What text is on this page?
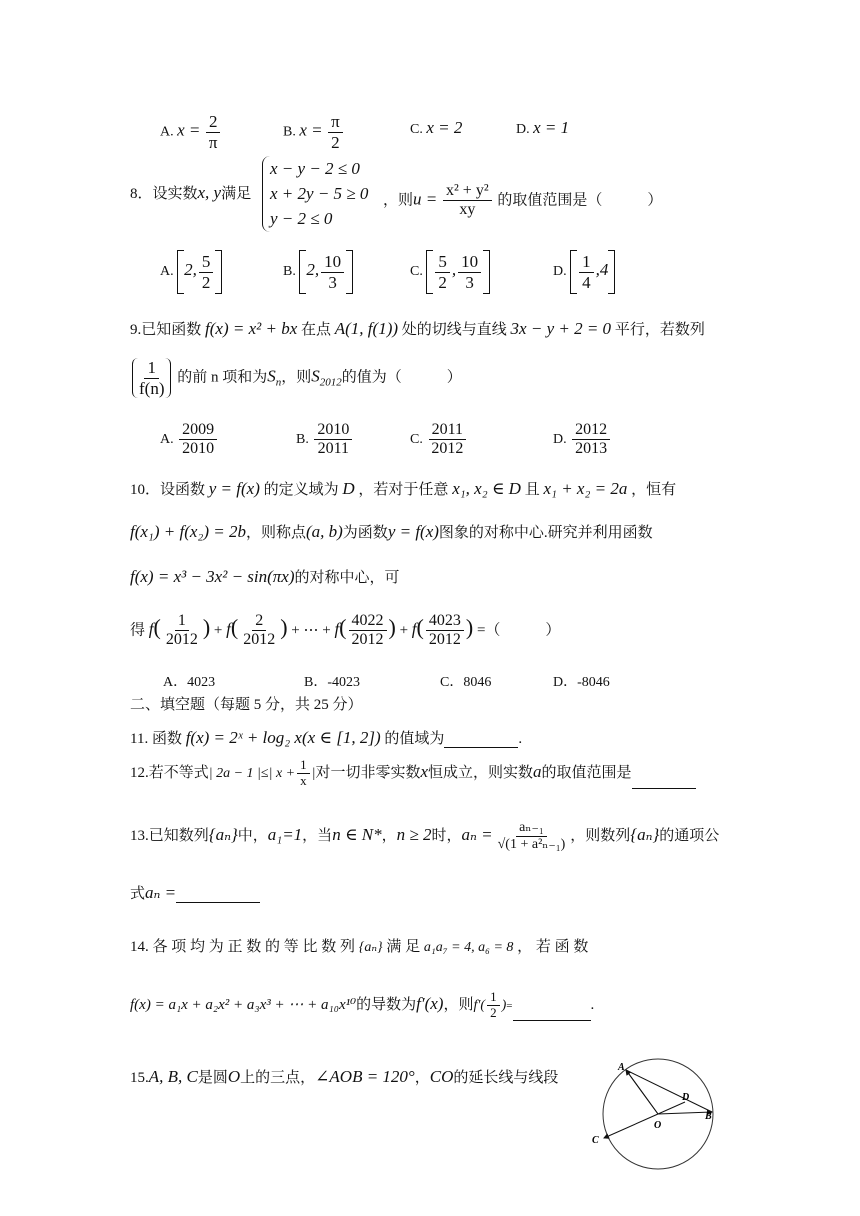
A. $x = \frac{2}{\pi}$	B. $x = \frac{\pi}{2}$	C. x = 2	D. x = 1
8．设实数x, y满足
x − y − 2 ≤ 0
x + 2y − 5 ≥ 0
y − 2 ≤ 0
，则$u = \frac{\text{x² + y²}}{xy}$ 的取值范围是（　　　）
A. 2, $\frac{5}{2}$	B. 2, $\frac{10}{3}$	C. $\frac{5}{2}$ , $\frac{10}{3}$	D. $\frac{1}{4} ,4$
9.已知函数 f(x) = x² + bx 在点 A(1, f(1)) 处的切线与直线 3x − y + 2 = 0 平行，若数列
$\frac{1}{f(n)}$ 的前 n 项和为$S_n$，则$S_{2012}$的值为（　　　）
A. $\frac{2009}{2010}$	B. $\frac{2010}{2011}$	C. $\frac{2011}{2012}$	D. $\frac{2012}{2013}$
10．设函数 y = f(x) 的定义域为 D ，若对于任意 x₁, x₂ ∈ D 且 x₁ + x₂ = 2a ，恒有
f(x₁) + f(x₂) = 2b，则称点(a, b)为函数y = f(x)图象的对称中心.研究并利用函数
f(x) = x³ − 3x² − sin(πx)的对称中心，可
得 $f( \frac{1}{2012}$ ) + $f( \frac{2}{2012}$ ) + ⋯ + $f( \frac{4022}{2012}$ ) + $f( \frac{4023}{2012}$ ) =（　　　）
A．4023	B．-4023	C．8046	D．-8046
二、填空题（每题 5 分，共 25 分）
11. 函数 f(x) = 2ˣ + log₂ x(x ∈ [1, 2]) 的值域为	.
12.若不等式| 2a − 1 |≤| $x + \frac{1}{x}$ |对一切非零实数x恒成立，则实数a的取值范围是
13.已知数列{aₙ}中，a₁=1，当n ∈ N*，n ≥ 2时，$a_n = \frac{\text{aₙ₋₁}}{\text{√(1 + a²ₙ₋₁)}}$ ，则数列{aₙ}的通项公
式aₙ =
14. 各 项 均 为 正 数 的 等 比 数 列 {aₙ} 满 足 a₁a₇ = 4, a₆ = 8 ， 若 函 数
f(x) = a₁x + a₂x² + a₃x³ + ⋯ + a₁₀x¹⁰的导数为f′(x)，则$f'( \frac{1}{2}$ )=	.
15.A, B, C是圆O上的三点，∠AOB = 120°，CO的延长线与线段
A
B
C
D
O
